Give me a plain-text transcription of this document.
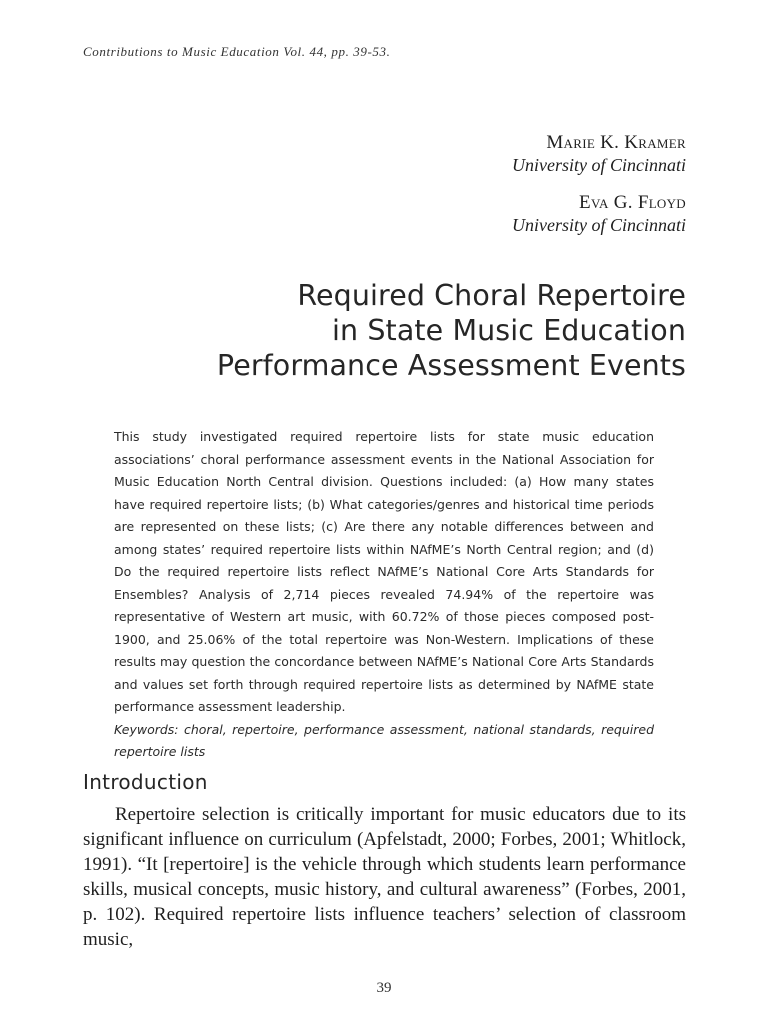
Contributions to Music Education Vol. 44, pp. 39-53.
Marie K. Kramer
University of Cincinnati
Eva G. Floyd
University of Cincinnati
Required Choral Repertoire
in State Music Education
Performance Assessment Events

This study investigated required repertoire lists for state music education associations’ choral performance assessment events in the National Association for Music Education North Central division. Questions included: (a) How many states have required repertoire lists; (b) What categories/genres and historical time periods are represented on these lists; (c) Are there any notable differences between and among states’ required repertoire lists within NAfME’s North Central region; and (d) Do the required repertoire lists reflect NAfME’s National Core Arts Standards for Ensembles? Analysis of 2,714 pieces revealed 74.94% of the repertoire was representative of Western art music, with 60.72% of those pieces composed post-1900, and 25.06% of the total repertoire was Non-Western. Implications of these results may question the concordance between NAfME’s National Core Arts Standards and values set forth through required repertoire lists as determined by NAfME state performance assessment leadership.

Keywords: choral, repertoire, performance assessment, national standards, required repertoire lists

Introduction

Repertoire selection is critically important for music educators due to its significant influence on curriculum (Apfelstadt, 2000; Forbes, 2001; Whitlock, 1991). “It [repertoire] is the vehicle through which students learn performance skills, musical concepts, music history, and cultural awareness” (Forbes, 2001, p. 102). Required repertoire lists influence teachers’ selection of classroom music,

39
